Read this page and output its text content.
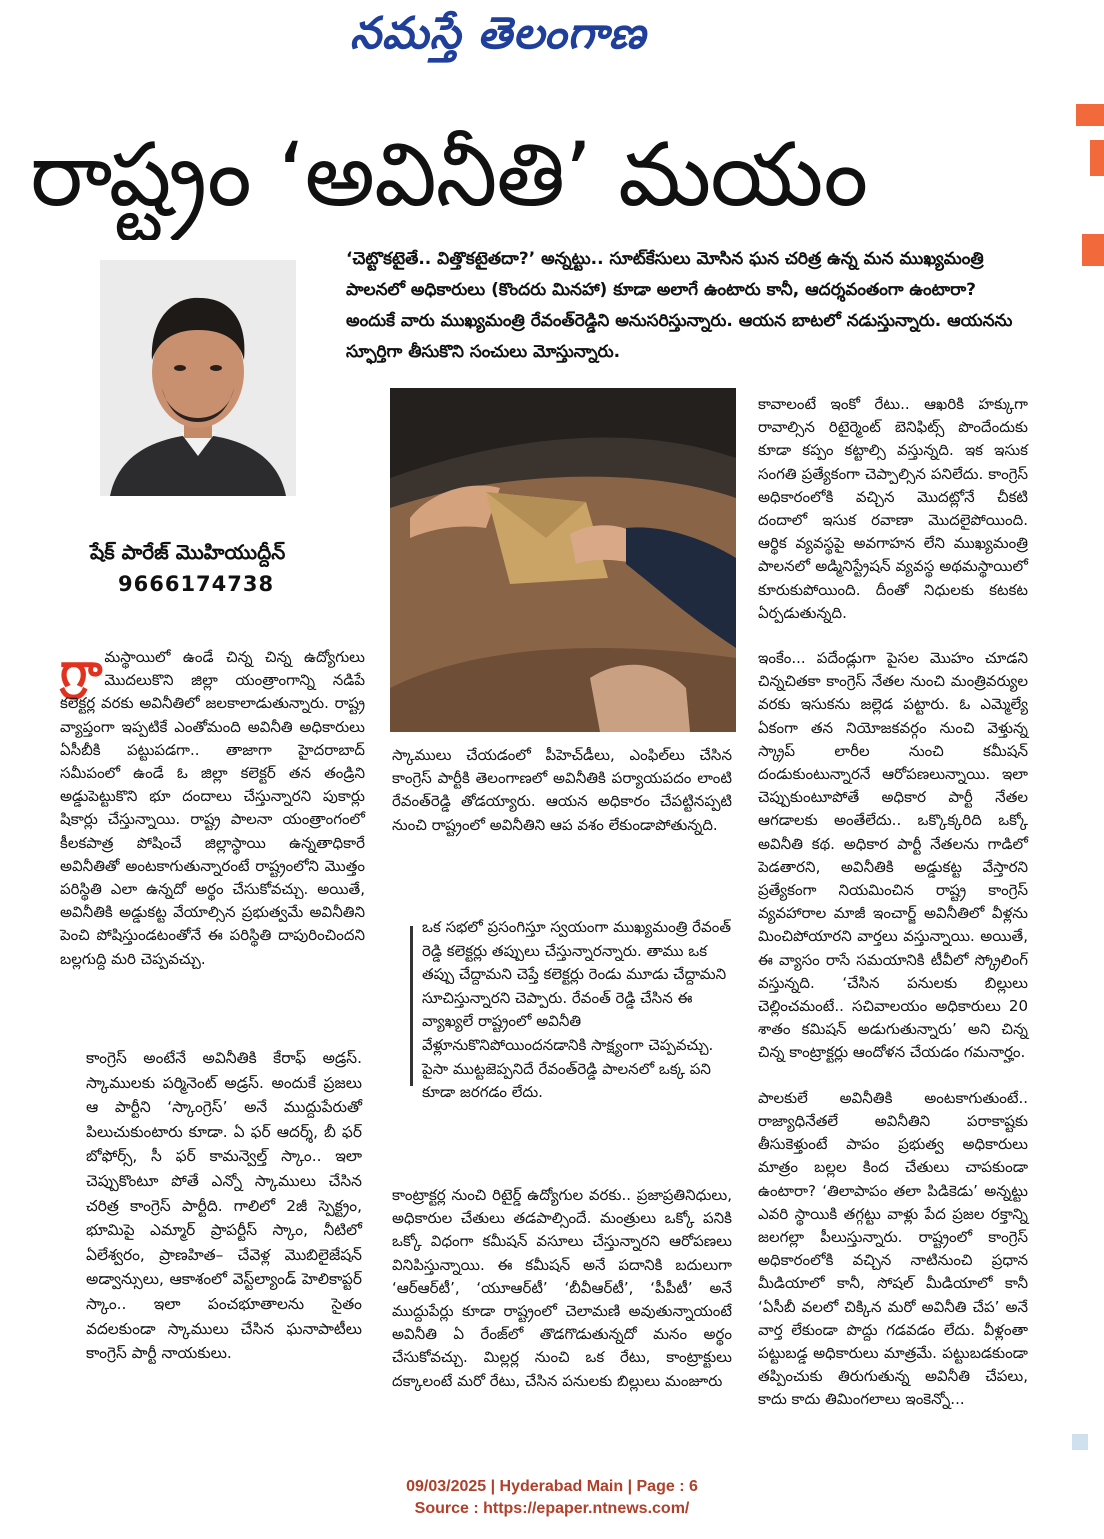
నమస్తే తెలంగాణ
రాష్ట్రం ‘అవినీతి’ మయం
షేక్ పారేజ్ మొహియుద్దీన్
9666174738
‘చెట్టొకటైతే.. విత్తొకటైతదా?’ అన్నట్టు.. సూట్‌కేసులు మోసిన ఘన చరిత్ర ఉన్న మన ముఖ్యమంత్రి పాలనలో అధికారులు (కొందరు మినహా) కూడా అలాగే ఉంటారు కానీ, ఆదర్శవంతంగా ఉంటారా? అందుకే వారు ముఖ్యమంత్రి రేవంత్‌రెడ్డిని అనుసరిస్తున్నారు. ఆయన బాటలో నడుస్తున్నారు. ఆయనను స్ఫూర్తిగా తీసుకొని సంచులు మోస్తున్నారు.

గ్రా మస్థాయిలో ఉండే చిన్న చిన్న ఉద్యోగులు మొదలుకొని జిల్లా యంత్రాంగాన్ని నడిపే కలెక్టర్ల వరకు అవినీతిలో జలకాలాడుతున్నారు. రాష్ట్ర వ్యాప్తంగా ఇప్పటికే ఎంతోమంది అవినీతి అధికారులు ఏసీబీకి పట్టుపడగా.. తాజాగా హైదరాబాద్ సమీపంలో ఉండే ఓ జిల్లా కలెక్టర్ తన తండ్రిని అడ్డుపెట్టుకొని భూ దందాలు చేస్తున్నారని పుకార్లు షికార్లు చేస్తున్నాయి. రాష్ట్ర పాలనా యంత్రాంగంలో కీలకపాత్ర పోషించే జిల్లాస్థాయి ఉన్నతాధికారే అవినీతితో అంటకాగుతున్నారంటే రాష్ట్రంలోని మొత్తం పరిస్థితి ఎలా ఉన్నదో అర్థం చేసుకోవచ్చు. అయితే, అవినీతికి అడ్డుకట్ట వేయాల్సిన ప్రభుత్వమే అవినీతిని పెంచి పోషిస్తుండటంతోనే ఈ పరిస్థితి దాపురించిందని బల్లగుద్ది మరి చెప్పవచ్చు.

కాంగ్రెస్ అంటేనే అవినీతికి కేరాఫ్ అడ్రస్. స్కాములకు పర్మినెంట్ అడ్రస్. అందుకే ప్రజలు ఆ పార్టీని ‘స్కాంగ్రెస్’ అనే ముద్దుపేరుతో పిలుచుకుంటారు కూడా. ఏ ఫర్ ఆదర్శ్, బీ ఫర్ బోఫోర్స్, సీ ఫర్ కామన్వెల్త్ స్కాం.. ఇలా చెప్పుకొంటూ పోతే ఎన్నో స్కాములు చేసిన చరిత్ర కాంగ్రెస్ పార్టీది. గాలిలో 2జీ స్పెక్ట్రం, భూమిపై ఎమ్మార్ ప్రాపర్టీస్ స్కాం, నీటిలో ఏలేశ్వరం, ప్రాణహిత– చేవెళ్ల మొబిలైజేషన్ అడ్వాన్సులు, ఆకాశంలో వెస్ట్‌ల్యాండ్ హెలికాప్టర్ స్కాం.. ఇలా పంచభూతాలను సైతం వదలకుండా స్కాములు చేసిన ఘనాపాటీలు కాంగ్రెస్ పార్టీ నాయకులు.

స్కాములు చేయడంలో పీహెచ్‌డీలు, ఎంఫిల్‌లు చేసిన కాంగ్రెస్ పార్టీకి తెలంగాణలో అవినీతికి పర్యాయపదం లాంటి రేవంత్‌రెడ్డి తోడయ్యారు. ఆయన అధికారం చేపట్టినప్పటి నుంచి రాష్ట్రంలో అవినీతిని ఆప వశం లేకుండాపోతున్నది.

ఒక సభలో ప్రసంగిస్తూ స్వయంగా ముఖ్యమంత్రి రేవంత్ రెడ్డి కలెక్టర్లు తప్పులు చేస్తున్నారన్నారు. తాము ఒక తప్పు చేద్దామని చెప్తే కలెక్టర్లు రెండు మూడు చేద్దామని సూచిస్తున్నారని చెప్పారు. రేవంత్ రెడ్డి చేసిన ఈ వ్యాఖ్యలే రాష్ట్రంలో అవినీతి వేళ్లూనుకొనిపోయిందనడానికి సాక్ష్యంగా చెప్పవచ్చు. పైసా ముట్టజెప్పనిదే రేవంత్‌రెడ్డి పాలనలో ఒక్క పని కూడా జరగడం లేదు.

కాంట్రాక్టర్ల నుంచి రిటైర్డ్ ఉద్యోగుల వరకు.. ప్రజాప్రతినిధులు, అధికారుల చేతులు తడపాల్సిందే. మంత్రులు ఒక్కో పనికి ఒక్కో విధంగా కమీషన్ వసూలు చేస్తున్నారని ఆరోపణలు వినిపిస్తున్నాయి. ఈ కమీషన్ అనే పదానికి బదులుగా ‘ఆర్‌ఆర్‌టీ’, ‘యూఆర్‌టీ’ ‘బీవీఆర్‌టీ’, ‘పీపీటీ’ అనే ముద్దుపేర్లు కూడా రాష్ట్రంలో చెలామణి అవుతున్నాయంటే అవినీతి ఏ రేంజ్‌లో తొడగొడుతున్నదో మనం అర్థం చేసుకోవచ్చు. మిల్లర్ల నుంచి ఒక రేటు, కాంట్రాక్టులు దక్కాలంటే మరో రేటు, చేసిన పనులకు బిల్లులు మంజూరు

కావాలంటే ఇంకో రేటు.. ఆఖరికి హక్కుగా రావాల్సిన రిటైర్మెంట్ బెనిఫిట్స్ పొందేందుకు కూడా కప్పం కట్టాల్సి వస్తున్నది. ఇక ఇసుక సంగతి ప్రత్యేకంగా చెప్పాల్సిన పనిలేదు. కాంగ్రెస్ అధికారంలోకి వచ్చిన మొదట్లోనే చీకటి దందాలో ఇసుక రవాణా మొదలైపోయింది. ఆర్థిక వ్యవస్థపై అవగాహన లేని ముఖ్యమంత్రి పాలనలో అడ్మినిస్ట్రేషన్ వ్యవస్థ అథమస్థాయిలో కూరుకుపోయింది. దీంతో నిధులకు కటకట ఏర్పడుతున్నది.

ఇంకేం... పదేండ్లుగా పైసల మొహం చూడని చిన్నచితకా కాంగ్రెస్ నేతల నుంచి మంత్రివర్యుల వరకు ఇసుకను జల్లెడ పట్టారు. ఓ ఎమ్మెల్యే ఏకంగా తన నియోజకవర్గం నుంచి వెళ్తున్న స్క్రాప్ లారీల నుంచి కమీషన్ దండుకుంటున్నారనే ఆరోపణలున్నాయి. ఇలా చెప్పుకుంటూపోతే అధికార పార్టీ నేతల ఆగడాలకు అంతేలేదు.. ఒక్కొక్కరిది ఒక్కో అవినీతి కథ. అధికార పార్టీ నేతలను గాడిలో పెడతారని, అవినీతికి అడ్డుకట్ట వేస్తారని ప్రత్యేకంగా నియమించిన రాష్ట్ర కాంగ్రెస్ వ్యవహారాల మాజీ ఇంచార్జ్ అవినీతిలో వీళ్లను మించిపోయారని వార్తలు వస్తున్నాయి. అయితే, ఈ వ్యాసం రాసే సమయానికి టీవీలో స్క్రోలింగ్ వస్తున్నది. ‘చేసిన పనులకు బిల్లులు చెల్లించమంటే.. సచివాలయం అధికారులు 20 శాతం కమిషన్ అడుగుతున్నారు’ అని చిన్న చిన్న కాంట్రాక్టర్లు ఆందోళన చేయడం గమనార్హం.

పాలకులే అవినీతికి అంటకాగుతుంటే.. రాజ్యాధినేతలే అవినీతిని పరాకాష్టకు తీసుకెళ్తుంటే పాపం ప్రభుత్వ అధికారులు మాత్రం బల్లల కింద చేతులు చాపకుండా ఉంటారా? ‘తిలాపాపం తలా పిడికెడు’ అన్నట్టు ఎవరి స్థాయికి తగ్గట్టు వాళ్లు పేద ప్రజల రక్తాన్ని జలగల్లా పీలుస్తున్నారు. రాష్ట్రంలో కాంగ్రెస్ అధికారంలోకి వచ్చిన నాటినుంచి ప్రధాన మీడియాలో కానీ, సోషల్ మీడియాలో కానీ ‘ఏసీబీ వలలో చిక్కిన మరో అవినీతి చేప’ అనే వార్త లేకుండా పొద్దు గడవడం లేదు. వీళ్లంతా పట్టుబడ్డ అధికారులు మాత్రమే. పట్టుబడకుండా తప్పించుకు తిరుగుతున్న అవినీతి చేపలు, కాదు కాదు తిమింగలాలు ఇంకెన్నో...

09/03/2025 | Hyderabad Main | Page : 6
Source : https://epaper.ntnews.com/
